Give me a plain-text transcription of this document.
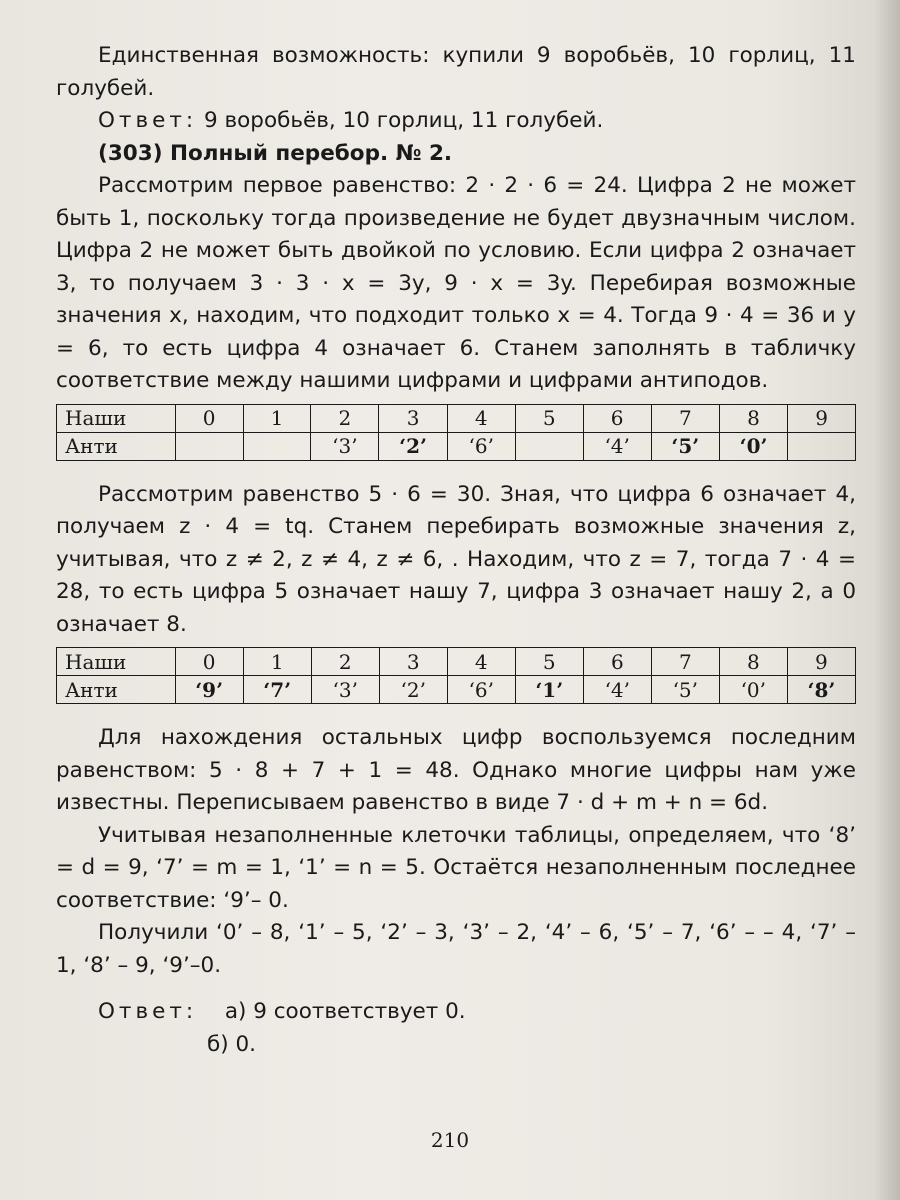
Единственная возможность: купили 9 воробьёв, 10 горлиц, 11 голубей.

Ответ: 9 воробьёв, 10 горлиц, 11 голубей.

(303) Полный перебор. № 2.

Рассмотрим первое равенство: 2 · 2 · 6 = 24. Цифра 2 не может быть 1, поскольку тогда произведение не будет двузначным числом. Цифра 2 не может быть двойкой по условию. Если цифра 2 означает 3, то получаем 3 · 3 · x = 3y, 9 · x = 3y. Перебирая возможные значения x, находим, что подходит только x = 4. Тогда 9 · 4 = 36 и y = 6, то есть цифра 4 означает 6. Станем заполнять в табличку соответствие между нашими цифрами и цифрами антиподов.

Наши	0	1	2	3	4	5	6	7	8	9
Анти			‘3’	‘2’	‘6’		‘4’	‘5’	‘0’	

Рассмотрим равенство 5 · 6 = 30. Зная, что цифра 6 означает 4, получаем z · 4 = tq. Станем перебирать возможные значения z, учитывая, что z ≠ 2, z ≠ 4, z ≠ 6, . Находим, что z = 7, тогда 7 · 4 = 28, то есть цифра 5 означает нашу 7, цифра 3 означает нашу 2, а 0 означает 8.

Наши	0	1	2	3	4	5	6	7	8	9
Анти	‘9’	‘7’	‘3’	‘2’	‘6’	‘1’	‘4’	‘5’	‘0’	‘8’

Для нахождения остальных цифр воспользуемся последним равенством: 5 · 8 + 7 + 1 = 48. Однако многие цифры нам уже известны. Переписываем равенство в виде 7 · d + m + n = 6d.

Учитывая незаполненные клеточки таблицы, определяем, что ‘8’ = d = 9, ‘7’ = m = 1, ‘1’ = n = 5. Остаётся незаполненным последнее соответствие: ‘9’– 0.

Получили ‘0’ – 8, ‘1’ – 5, ‘2’ – 3, ‘3’ – 2, ‘4’ – 6, ‘5’ – 7, ‘6’ – – 4, ‘7’ – 1, ‘8’ – 9, ‘9’–0.

Ответ: а) 9 соответствует 0.

б) 0.

210
